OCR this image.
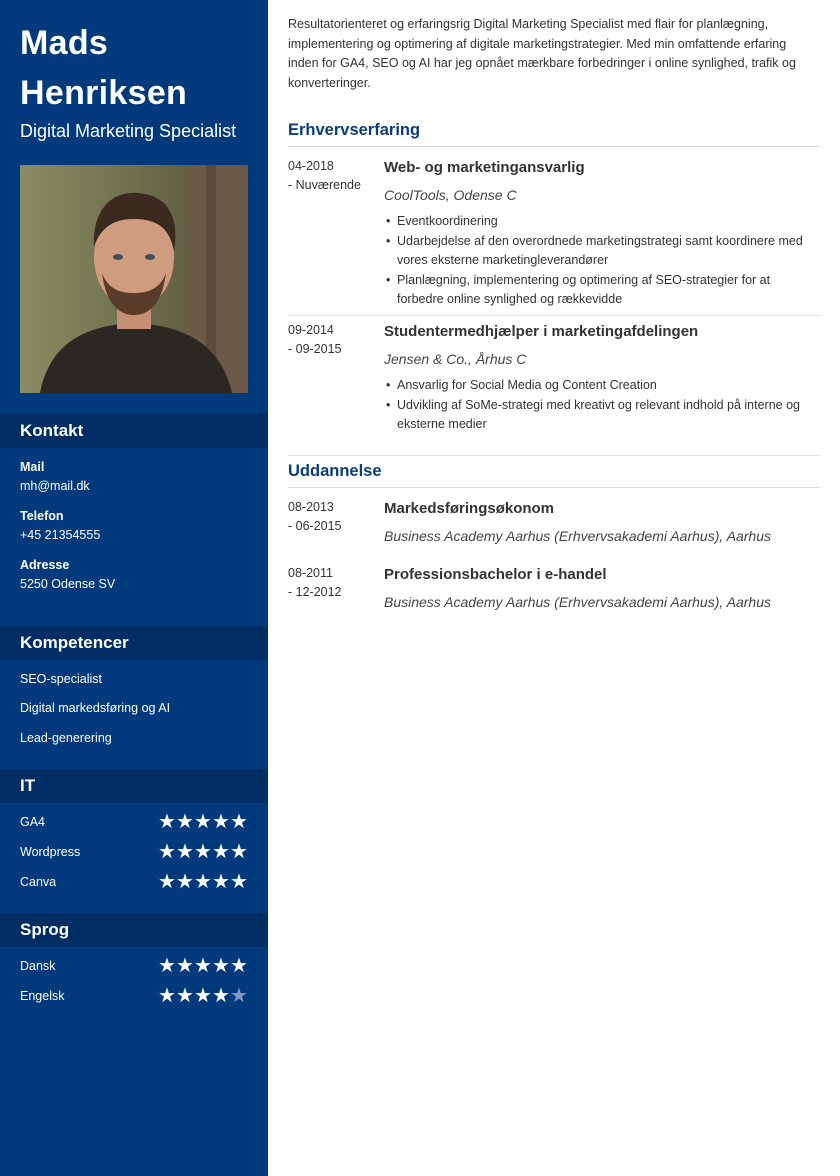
Mads
Henriksen
Digital Marketing Specialist
Kontakt
Mail
mh@mail.dk
Telefon
+45 21354555
Adresse
5250 Odense SV
Kompetencer
SEO-specialist
Digital markedsføring og AI
Lead-generering
IT
GA4	★★★★★
Wordpress	★★★★★
Canva	★★★★★
Sprog
Dansk	★★★★★
Engelsk	★★★★★
Resultatorienteret og erfaringsrig Digital Marketing Specialist med flair for planlægning, implementering og optimering af digitale marketingstrategier. Med min omfattende erfaring inden for GA4, SEO og AI har jeg opnået mærkbare forbedringer i online synlighed, trafik og konverteringer.
Erhvervserfaring
04-2018
- Nuværende
Web- og marketingansvarlig
CoolTools, Odense C
• Eventkoordinering
• Udarbejdelse af den overordnede marketingstrategi samt koordinere med vores eksterne marketingleverandører
• Planlægning, implementering og optimering af SEO-strategier for at forbedre online synlighed og rækkevidde
09-2014
- 09-2015
Studentermedhjælper i marketingafdelingen
Jensen & Co., Århus C
• Ansvarlig for Social Media og Content Creation
• Udvikling af SoMe-strategi med kreativt og relevant indhold på interne og eksterne medier
Uddannelse
08-2013
- 06-2015
Markedsføringsøkonom
Business Academy Aarhus (Erhvervsakademi Aarhus), Aarhus
08-2011
- 12-2012
Professionsbachelor i e-handel
Business Academy Aarhus (Erhvervsakademi Aarhus), Aarhus
